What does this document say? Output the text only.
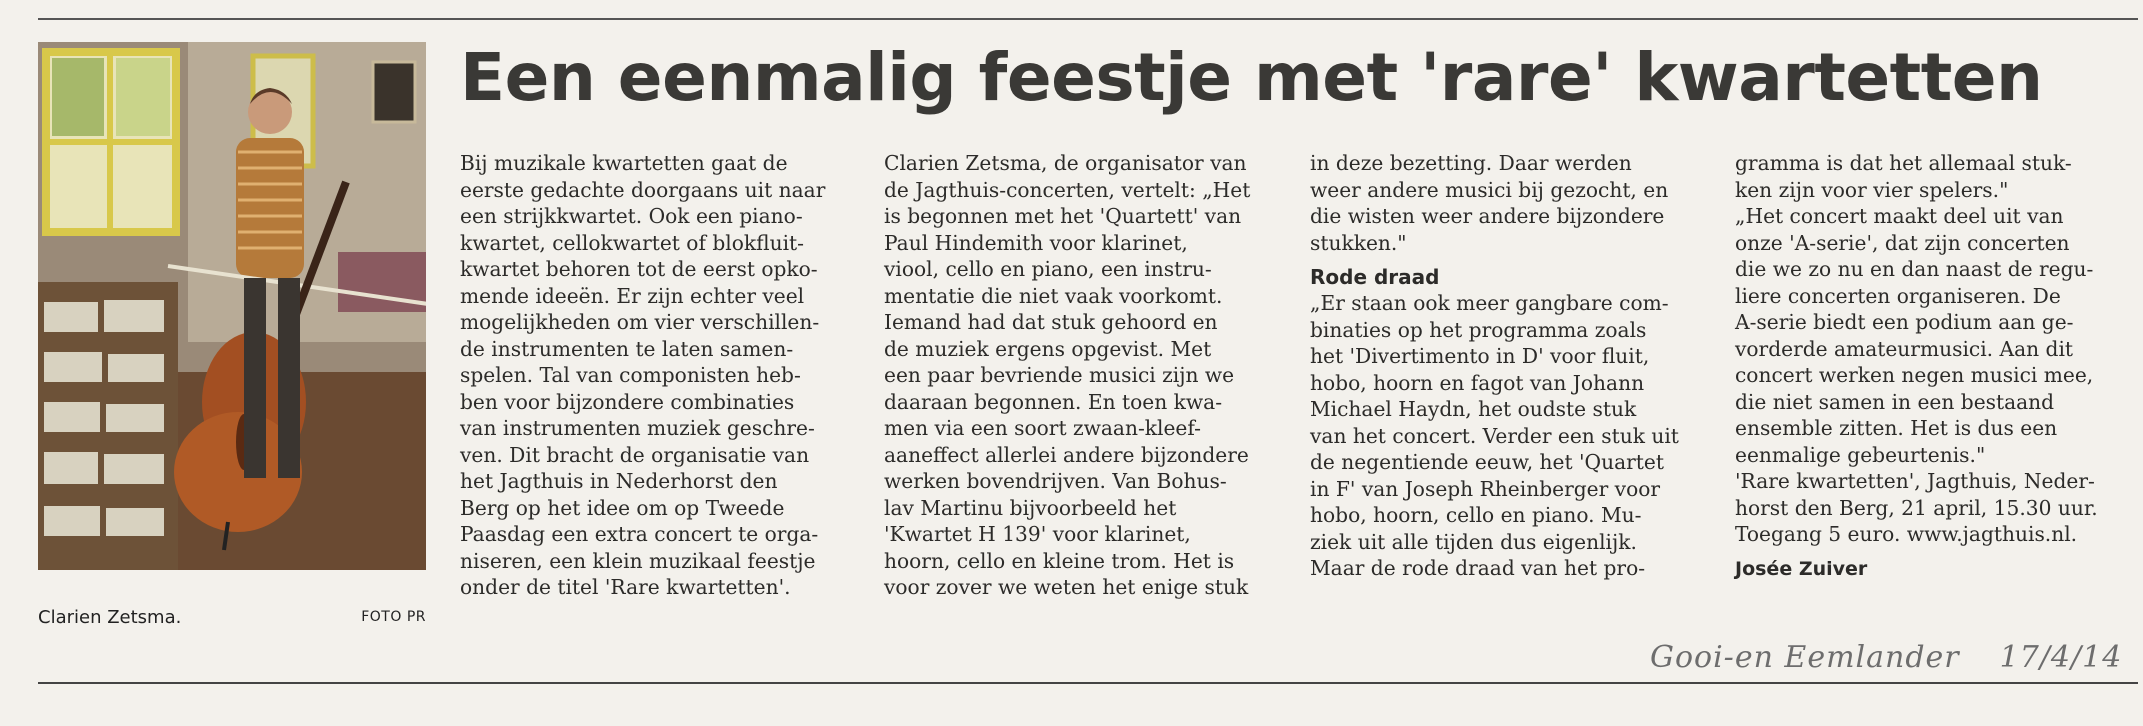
Clarien Zetsma.	FOTO PR
Een eenmalig feestje met 'rare' kwartetten
Bij muzikale kwartetten gaat de
eerste gedachte doorgaans uit naar
een strijkkwartet. Ook een piano-
kwartet, cellokwartet of blokfluit-
kwartet behoren tot de eerst opko-
mende ideeën. Er zijn echter veel
mogelijkheden om vier verschillen-
de instrumenten te laten samen-
spelen. Tal van componisten heb-
ben voor bijzondere combinaties
van instrumenten muziek geschre-
ven. Dit bracht de organisatie van
het Jagthuis in Nederhorst den
Berg op het idee om op Tweede
Paasdag een extra concert te orga-
niseren, een klein muzikaal feestje
onder de titel 'Rare kwartetten'.
Clarien Zetsma, de organisator van
de Jagthuis-concerten, vertelt: „Het
is begonnen met het 'Quartett' van
Paul Hindemith voor klarinet,
viool, cello en piano, een instru-
mentatie die niet vaak voorkomt.
Iemand had dat stuk gehoord en
de muziek ergens opgevist. Met
een paar bevriende musici zijn we
daaraan begonnen. En toen kwa-
men via een soort zwaan-kleef-
aaneffect allerlei andere bijzondere
werken bovendrijven. Van Bohus-
lav Martinu bijvoorbeeld het
'Kwartet H 139' voor klarinet,
hoorn, cello en kleine trom. Het is
voor zover we weten het enige stuk
in deze bezetting. Daar werden
weer andere musici bij gezocht, en
die wisten weer andere bijzondere
stukken."
Rode draad
„Er staan ook meer gangbare com-
binaties op het programma zoals
het 'Divertimento in D' voor fluit,
hobo, hoorn en fagot van Johann
Michael Haydn, het oudste stuk
van het concert. Verder een stuk uit
de negentiende eeuw, het 'Quartet
in F' van Joseph Rheinberger voor
hobo, hoorn, cello en piano. Mu-
ziek uit alle tijden dus eigenlijk.
Maar de rode draad van het pro-
gramma is dat het allemaal stuk-
ken zijn voor vier spelers."
„Het concert maakt deel uit van
onze 'A-serie', dat zijn concerten
die we zo nu en dan naast de regu-
liere concerten organiseren. De
A-serie biedt een podium aan ge-
vorderde amateurmusici. Aan dit
concert werken negen musici mee,
die niet samen in een bestaand
ensemble zitten. Het is dus een
eenmalige gebeurtenis."
'Rare kwartetten', Jagthuis, Neder-
horst den Berg, 21 april, 15.30 uur.
Toegang 5 euro. www.jagthuis.nl.
Josée Zuiver
Gooi-en Eemlander 17/4/14
